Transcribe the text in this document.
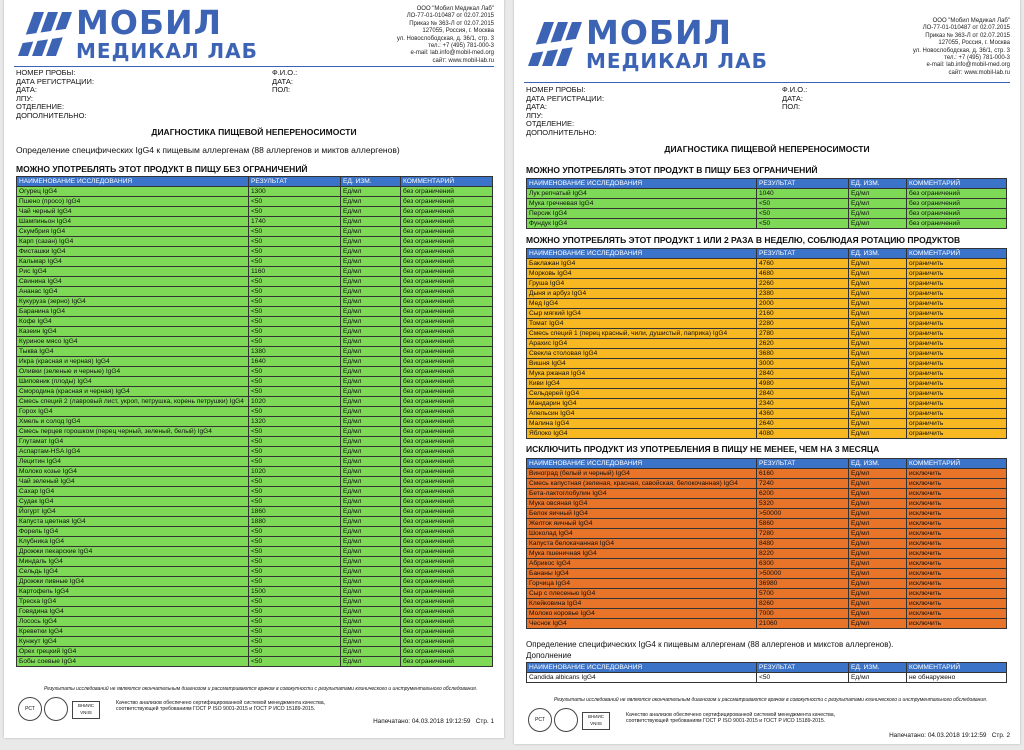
МОБИЛ
МЕДИКАЛ ЛАБ
ООО "Мобил Медикал Лаб"
ЛО-77-01-010487 от 02.07.2015
Приказ № 363-Л от 02.07.2015
127055, Россия, г. Москва
ул. Новослободская, д. 36/1, стр. 3
тел.: +7 (495) 781-000-3
e-mail: lab.info@mobil-med.org
сайт: www.mobil-lab.ru
НОМЕР ПРОБЫ:
ДАТА РЕГИСТРАЦИИ:
ДАТА:
ЛПУ:
ОТДЕЛЕНИЕ:
ДОПОЛНИТЕЛЬНО:
Ф.И.О.:
ДАТА:
ПОЛ:
ДИАГНОСТИКА ПИЩЕВОЙ НЕПЕРЕНОСИМОСТИ
Определение специфических IgG4 к пищевым аллергенам (88 аллергенов и миктов аллергенов)
МОЖНО УПОТРЕБЛЯТЬ ЭТОТ ПРОДУКТ В ПИЩУ БЕЗ ОГРАНИЧЕНИЙ
НАИМЕНОВАНИЕ ИССЛЕДОВАНИЯ	РЕЗУЛЬТАТ	ЕД. ИЗМ.	КОММЕНТАРИЙ
Огурец IgG4	1300	Ед/мл	без ограничений
Пшено (просо) IgG4	<50	Ед/мл	без ограничений
Чай черный IgG4	<50	Ед/мл	без ограничений
Шампиньон IgG4	1740	Ед/мл	без ограничений
Скумбрия IgG4	<50	Ед/мл	без ограничений
Карп (сазан) IgG4	<50	Ед/мл	без ограничений
Фисташки IgG4	<50	Ед/мл	без ограничений
Кальмар IgG4	<50	Ед/мл	без ограничений
Рис IgG4	1160	Ед/мл	без ограничений
Свинина IgG4	<50	Ед/мл	без ограничений
Ананас IgG4	<50	Ед/мл	без ограничений
Кукуруза (зерно) IgG4	<50	Ед/мл	без ограничений
Баранина IgG4	<50	Ед/мл	без ограничений
Кофе IgG4	<50	Ед/мл	без ограничений
Казеин IgG4	<50	Ед/мл	без ограничений
Куриное мясо IgG4	<50	Ед/мл	без ограничений
Тыква IgG4	1380	Ед/мл	без ограничений
Икра (красная и черная) IgG4	1640	Ед/мл	без ограничений
Оливки (зеленые и черные) IgG4	<50	Ед/мл	без ограничений
Шиповник (плоды) IgG4	<50	Ед/мл	без ограничений
Смородина (красная и черная) IgG4	<50	Ед/мл	без ограничений
Смесь специй 2 (лавровый лист, укроп, петрушка, корень петрушки) IgG4	1020	Ед/мл	без ограничений
Горох IgG4	<50	Ед/мл	без ограничений
Хмель и солод IgG4	1320	Ед/мл	без ограничений
Смесь перцев горошком (перец черный, зеленый, белый) IgG4	<50	Ед/мл	без ограничений
Глутамат IgG4	<50	Ед/мл	без ограничений
Аспартам-HSA IgG4	<50	Ед/мл	без ограничений
Лецитин IgG4	<50	Ед/мл	без ограничений
Молоко козье IgG4	1020	Ед/мл	без ограничений
Чай зеленый IgG4	<50	Ед/мл	без ограничений
Сахар IgG4	<50	Ед/мл	без ограничений
Судак IgG4	<50	Ед/мл	без ограничений
Йогурт IgG4	1860	Ед/мл	без ограничений
Капуста цветная IgG4	1880	Ед/мл	без ограничений
Форель IgG4	<50	Ед/мл	без ограничений
Клубника IgG4	<50	Ед/мл	без ограничений
Дрожжи пекарские IgG4	<50	Ед/мл	без ограничений
Миндаль IgG4	<50	Ед/мл	без ограничений
Сельдь IgG4	<50	Ед/мл	без ограничений
Дрожжи пивные IgG4	<50	Ед/мл	без ограничений
Картофель IgG4	1500	Ед/мл	без ограничений
Треска IgG4	<50	Ед/мл	без ограничений
Говядина IgG4	<50	Ед/мл	без ограничений
Лосось IgG4	<50	Ед/мл	без ограничений
Креветки IgG4	<50	Ед/мл	без ограничений
Кунжут IgG4	<50	Ед/мл	без ограничений
Орех грецкий IgG4	<50	Ед/мл	без ограничений
Бобы соевые IgG4	<50	Ед/мл	без ограничений
Результаты исследований не являются окончательным диагнозом и рассматриваются врачом в совокупности с результатами клинического и инструментального обследования.
РСТ
ВНИИС VNIIS
Качество анализов обеспечено сертифицированной системой менеджмента качества,
соответствующей требованиям ГОСТ Р ISO 9001-2015 и ГОСТ Р ИСО 15189-2015.
Напечатано: 04.03.2018 19:12:59 Стр. 1
МОБИЛ
МЕДИКАЛ ЛАБ
ООО "Мобил Медикал Лаб"
ЛО-77-01-010487 от 02.07.2015
Приказ № 363-Л от 02.07.2015
127055, Россия, г. Москва
ул. Новослободская, д. 36/1, стр. 3
тел.: +7 (495) 781-000-3
e-mail: lab.info@mobil-med.org
сайт: www.mobil-lab.ru
НОМЕР ПРОБЫ:
ДАТА РЕГИСТРАЦИИ:
ДАТА:
ЛПУ:
ОТДЕЛЕНИЕ:
ДОПОЛНИТЕЛЬНО:
Ф.И.О.:
ДАТА:
ПОЛ:
ДИАГНОСТИКА ПИЩЕВОЙ НЕПЕРЕНОСИМОСТИ
МОЖНО УПОТРЕБЛЯТЬ ЭТОТ ПРОДУКТ В ПИЩУ БЕЗ ОГРАНИЧЕНИЙ
НАИМЕНОВАНИЕ ИССЛЕДОВАНИЯ	РЕЗУЛЬТАТ	ЕД. ИЗМ.	КОММЕНТАРИЙ
Лук репчатый IgG4	1040	Ед/мл	без ограничений
Мука гречневая IgG4	<50	Ед/мл	без ограничений
Персик IgG4	<50	Ед/мл	без ограничений
Фундук IgG4	<50	Ед/мл	без ограничений
МОЖНО УПОТРЕБЛЯТЬ ЭТОТ ПРОДУКТ 1 ИЛИ 2 РАЗА В НЕДЕЛЮ, СОБЛЮДАЯ РОТАЦИЮ ПРОДУКТОВ
НАИМЕНОВАНИЕ ИССЛЕДОВАНИЯ	РЕЗУЛЬТАТ	ЕД. ИЗМ.	КОММЕНТАРИЙ
Баклажан IgG4	4760	Ед/мл	ограничить
Морковь IgG4	4680	Ед/мл	ограничить
Груша IgG4	2260	Ед/мл	ограничить
Дыня и арбуз IgG4	2380	Ед/мл	ограничить
Мед IgG4	2000	Ед/мл	ограничить
Сыр мягкий IgG4	2160	Ед/мл	ограничить
Томат IgG4	2280	Ед/мл	ограничить
Смесь специй 1 (перец красный, чили, душистый, паприка) IgG4	2780	Ед/мл	ограничить
Арахис IgG4	2620	Ед/мл	ограничить
Свекла столовая IgG4	3680	Ед/мл	ограничить
Вишня IgG4	3000	Ед/мл	ограничить
Мука ржаная IgG4	2840	Ед/мл	ограничить
Киви IgG4	4980	Ед/мл	ограничить
Сельдерей IgG4	2840	Ед/мл	ограничить
Мандарин IgG4	2340	Ед/мл	ограничить
Апельсин IgG4	4360	Ед/мл	ограничить
Малина IgG4	2640	Ед/мл	ограничить
Яблоко IgG4	4080	Ед/мл	ограничить
ИСКЛЮЧИТЬ ПРОДУКТ ИЗ УПОТРЕБЛЕНИЯ В ПИЩУ НЕ МЕНЕЕ, ЧЕМ НА 3 МЕСЯЦА
НАИМЕНОВАНИЕ ИССЛЕДОВАНИЯ	РЕЗУЛЬТАТ	ЕД. ИЗМ.	КОММЕНТАРИЙ
Виноград (белый и черный) IgG4	6160	Ед/мл	исключить
Смесь капустная (зеленая, красная, савойская, белокочанная) IgG4	7240	Ед/мл	исключить
Бета-лактоглобулин IgG4	6200	Ед/мл	исключить
Мука овсяная IgG4	5320	Ед/мл	исключить
Белок яичный IgG4	>50000	Ед/мл	исключить
Желток яичный IgG4	5860	Ед/мл	исключить
Шоколад IgG4	7280	Ед/мл	исключить
Капуста белокачанная IgG4	8480	Ед/мл	исключить
Мука пшеничная IgG4	8220	Ед/мл	исключить
Абрикос IgG4	6300	Ед/мл	исключить
Бананы IgG4	>50000	Ед/мл	исключить
Горчица IgG4	36980	Ед/мл	исключить
Сыр с плесенью IgG4	5700	Ед/мл	исключить
Клейковина IgG4	8260	Ед/мл	исключить
Молоко коровье IgG4	7000	Ед/мл	исключить
Чеснок IgG4	21060	Ед/мл	исключить
Определение специфических IgG4 к пищевым аллергенам (88 аллергенов и микстов аллергенов).
Дополнение
НАИМЕНОВАНИЕ ИССЛЕДОВАНИЯ	РЕЗУЛЬТАТ	ЕД. ИЗМ.	КОММЕНТАРИЙ
Candida albicans IgG4	<50	Ед/мл	не обнаружено
Результаты исследований не являются окончательным диагнозом и рассматриваются врачом в совокупности с результатами клинического и инструментального обследования.
РСТ
ВНИИС VNIIS
Качество анализов обеспечено сертифицированной системой менеджмента качества,
соответствующей требованиям ГОСТ Р ISO 9001-2015 и ГОСТ Р ИСО 15189-2015.
Напечатано: 04.03.2018 19:12:59 Стр. 2
